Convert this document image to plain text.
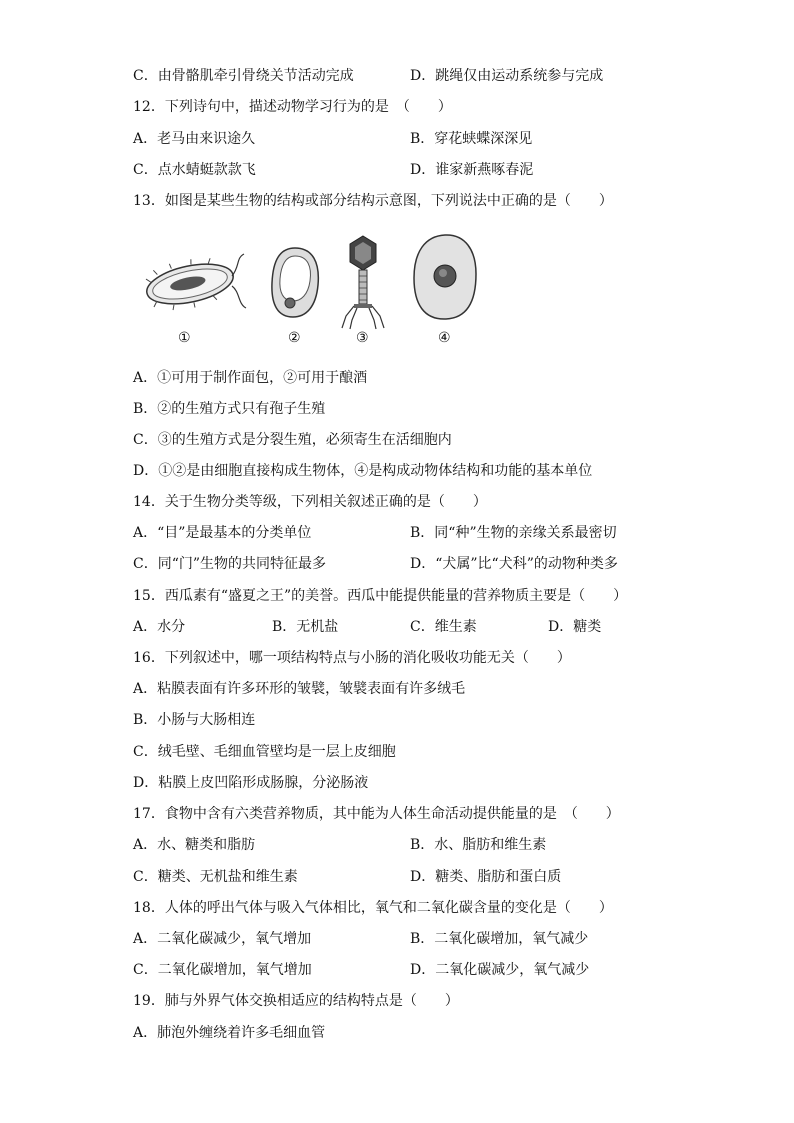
C．由骨骼肌牵引骨绕关节活动完成	D．跳绳仅由运动系统参与完成
12．下列诗句中，描述动物学习行为的是　（　　）
A．老马由来识途久	B．穿花蛱蝶深深见
C．点水蜻蜓款款飞	D．谁家新燕啄春泥
13．如图是某些生物的结构或部分结构示意图，下列说法中正确的是（　　）
①	②	③	④
A．①可用于制作面包，②可用于酿酒
B．②的生殖方式只有孢子生殖
C．③的生殖方式是分裂生殖，必须寄生在活细胞内
D．①②是由细胞直接构成生物体，④是构成动物体结构和功能的基本单位
14．关于生物分类等级，下列相关叙述正确的是（　　）
A．“目”是最基本的分类单位	B．同“种”生物的亲缘关系最密切
C．同“门”生物的共同特征最多	D．“犬属”比“犬科”的动物种类多
15．西瓜素有“盛夏之王”的美誉。西瓜中能提供能量的营养物质主要是（　　）
A．水分	B．无机盐	C．维生素	D．糖类
16．下列叙述中，哪一项结构特点与小肠的消化吸收功能无关（　　）
A．粘膜表面有许多环形的皱襞，皱襞表面有许多绒毛
B．小肠与大肠相连
C．绒毛壁、毛细血管壁均是一层上皮细胞
D．粘膜上皮凹陷形成肠腺，分泌肠液
17．食物中含有六类营养物质，其中能为人体生命活动提供能量的是　（　　）
A．水、糖类和脂肪	B．水、脂肪和维生素
C．糖类、无机盐和维生素	D．糖类、脂肪和蛋白质
18．人体的呼出气体与吸入气体相比，氧气和二氧化碳含量的变化是（　　）
A．二氧化碳减少，氧气增加	B．二氧化碳增加，氧气减少
C．二氧化碳增加，氧气增加	D．二氧化碳减少，氧气减少
19．肺与外界气体交换相适应的结构特点是（　　）
A．肺泡外缠绕着许多毛细血管
